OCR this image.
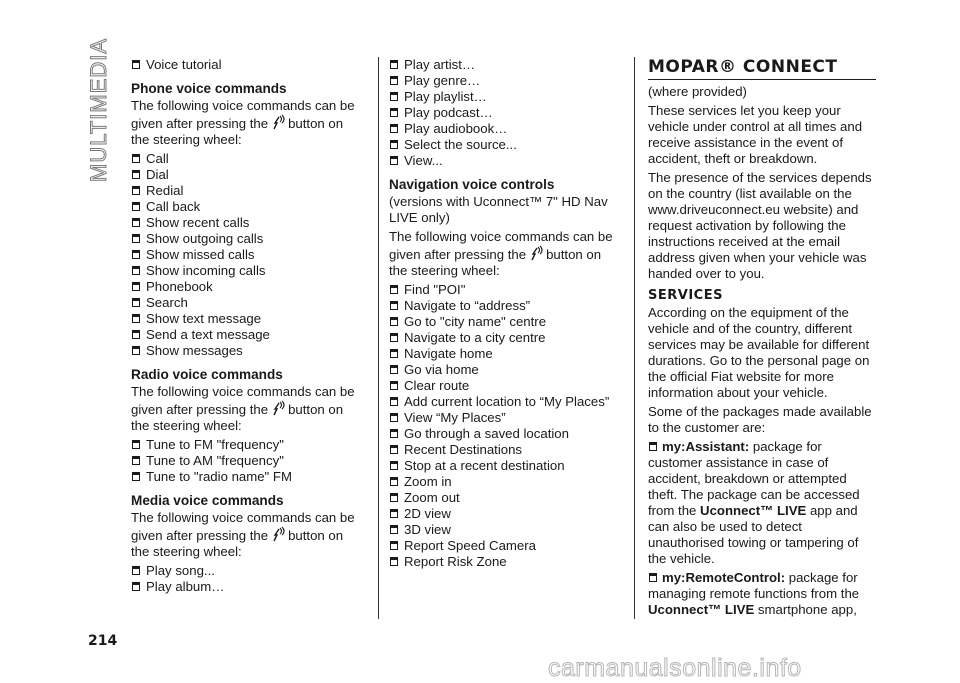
MULTIMEDIA	Voice tutorial
Phone voice commands

The following voice commands can be given after pressing the button on the steering wheel:

Call
Dial
Redial
Call back
Show recent calls
Show outgoing calls
Show missed calls
Show incoming calls
Phonebook
Search
Show text message
Send a text message
Show messages
Radio voice commands

The following voice commands can be given after pressing the button on the steering wheel:

Tune to FM "frequency"
Tune to AM "frequency"
Tune to "radio name" FM
Media voice commands

The following voice commands can be given after pressing the button on the steering wheel:

Play song...
Play album…
Play artist…
Play genre…
Play playlist…
Play podcast…
Play audiobook…
Select the source...
View...
Navigation voice controls

(versions with Uconnect™ 7" HD Nav LIVE only)

The following voice commands can be given after pressing the button on the steering wheel:

Find "POI"
Navigate to “address”
Go to "city name" centre
Navigate to a city centre
Navigate home
Go via home
Clear route
Add current location to “My Places”
View “My Places”
Go through a saved location
Recent Destinations
Stop at a recent destination
Zoom in
Zoom out
2D view
3D view
Report Speed Camera
Report Risk Zone
MOPAR® CONNECT

(where provided)

These services let you keep your vehicle under control at all times and receive assistance in the event of accident, theft or breakdown.

The presence of the services depends on the country (list available on the www.driveuconnect.eu website) and request activation by following the instructions received at the email address given when your vehicle was handed over to you.

SERVICES

According on the equipment of the vehicle and of the country, different services may be available for different durations. Go to the personal page on the official Fiat website for more information about your vehicle.

Some of the packages made available to the customer are:

my:Assistant: package for customer assistance in case of accident, breakdown or attempted theft. The package can be accessed from the Uconnect™ LIVE app and can also be used to detect unauthorised towing or tampering of the vehicle.

my:RemoteControl: package for managing remote functions from the Uconnect™ LIVE smartphone app,

214
carmanualsonline.info
